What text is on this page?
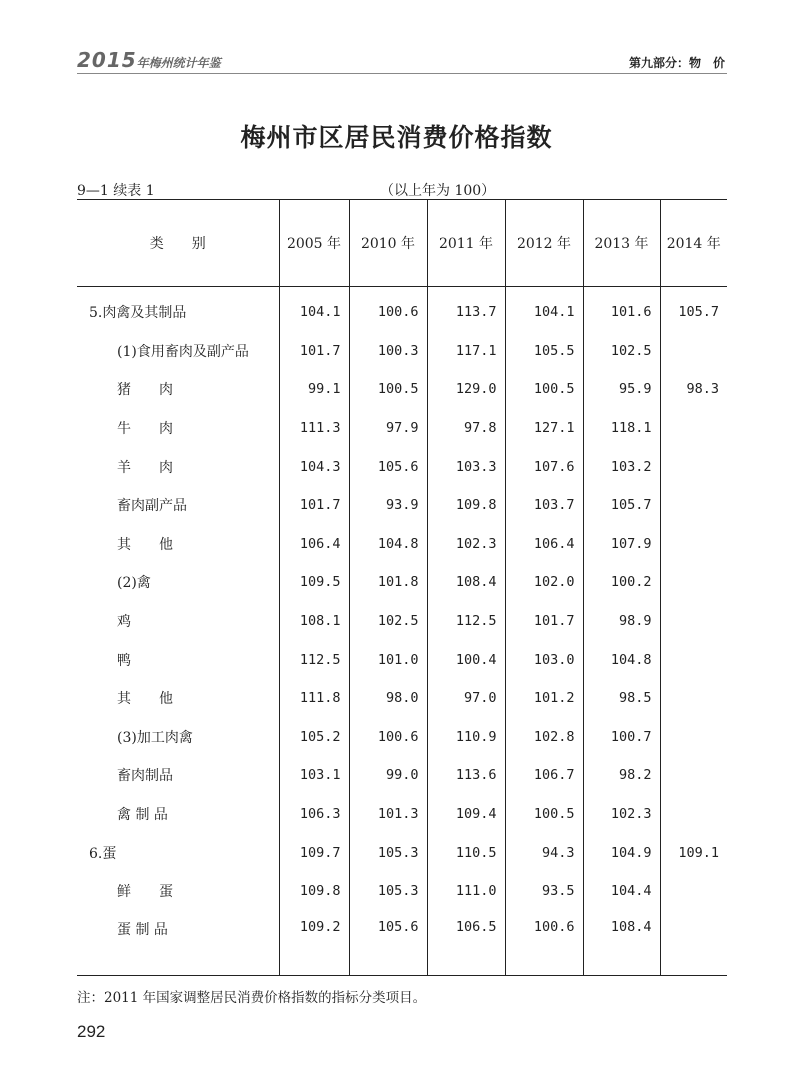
2015年梅州统计年鉴	第九部分：物　价
梅州市区居民消费价格指数
9—1 续表 1	（以上年为 100）
类　　别	2005 年	2010 年	2011 年	2012 年	2013 年	2014 年
5.肉禽及其制品	104.1	100.6	113.7	104.1	101.6	105.7
(1)食用畜肉及副产品	101.7	100.3	117.1	105.5	102.5	
猪　　肉	99.1	100.5	129.0	100.5	95.9	98.3
牛　　肉	111.3	97.9	97.8	127.1	118.1	
羊　　肉	104.3	105.6	103.3	107.6	103.2	
畜肉副产品	101.7	93.9	109.8	103.7	105.7	
其　　他	106.4	104.8	102.3	106.4	107.9	
(2)禽	109.5	101.8	108.4	102.0	100.2	
鸡	108.1	102.5	112.5	101.7	98.9	
鸭	112.5	101.0	100.4	103.0	104.8	
其　　他	111.8	98.0	97.0	101.2	98.5	
(3)加工肉禽	105.2	100.6	110.9	102.8	100.7	
畜肉制品	103.1	99.0	113.6	106.7	98.2	
禽 制 品	106.3	101.3	109.4	100.5	102.3	
6.蛋	109.7	105.3	110.5	94.3	104.9	109.1
鲜　　蛋	109.8	105.3	111.0	93.5	104.4	
蛋 制 品	109.2	105.6	106.5	100.6	108.4	
注：2011 年国家调整居民消费价格指数的指标分类项目。
292
